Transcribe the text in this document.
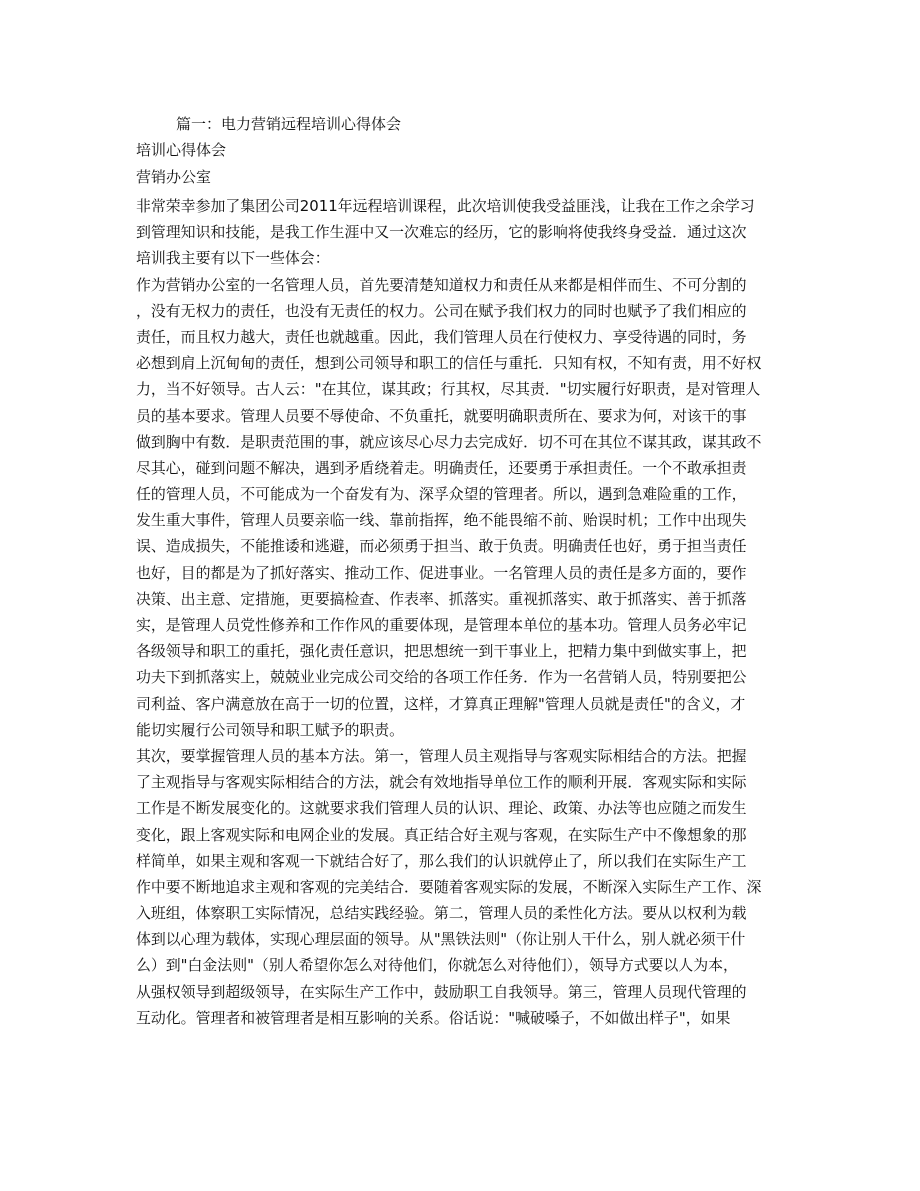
篇一：电力营销远程培训心得体会
培训心得体会
营销办公室
非常荣幸参加了集团公司2011年远程培训课程，此次培训使我受益匪浅，让我在工作之余学习
到管理知识和技能，是我工作生涯中又一次难忘的经历，它的影响将使我终身受益．通过这次
培训我主要有以下一些体会：
作为营销办公室的一名管理人员，首先要清楚知道权力和责任从来都是相伴而生、不可分割的
，没有无权力的责任，也没有无责任的权力。公司在赋予我们权力的同时也赋予了我们相应的
责任，而且权力越大，责任也就越重。因此，我们管理人员在行使权力、享受待遇的同时，务
必想到肩上沉甸甸的责任，想到公司领导和职工的信任与重托．只知有权，不知有责，用不好权
力，当不好领导。古人云："在其位，谋其政；行其权，尽其责．"切实履行好职责，是对管理人
员的基本要求。管理人员要不辱使命、不负重托，就要明确职责所在、要求为何，对该干的事
做到胸中有数．是职责范围的事，就应该尽心尽力去完成好．切不可在其位不谋其政，谋其政不
尽其心，碰到问题不解决，遇到矛盾绕着走。明确责任，还要勇于承担责任。一个不敢承担责
任的管理人员，不可能成为一个奋发有为、深孚众望的管理者。所以，遇到急难险重的工作，
发生重大事件，管理人员要亲临一线、靠前指挥，绝不能畏缩不前、贻误时机；工作中出现失
误、造成损失，不能推诿和逃避，而必须勇于担当、敢于负责。明确责任也好，勇于担当责任
也好，目的都是为了抓好落实、推动工作、促进事业。一名管理人员的责任是多方面的，要作
决策、出主意、定措施，更要搞检查、作表率、抓落实。重视抓落实、敢于抓落实、善于抓落
实，是管理人员党性修养和工作作风的重要体现，是管理本单位的基本功。管理人员务必牢记
各级领导和职工的重托，强化责任意识，把思想统一到干事业上，把精力集中到做实事上，把
功夫下到抓落实上，兢兢业业完成公司交给的各项工作任务．作为一名营销人员，特别要把公
司利益、客户满意放在高于一切的位置，这样，才算真正理解"管理人员就是责任"的含义，才
能切实履行公司领导和职工赋予的职责。
其次，要掌握管理人员的基本方法。第一，管理人员主观指导与客观实际相结合的方法。把握
了主观指导与客观实际相结合的方法，就会有效地指导单位工作的顺利开展．客观实际和实际
工作是不断发展变化的。这就要求我们管理人员的认识、理论、政策、办法等也应随之而发生
变化，跟上客观实际和电网企业的发展。真正结合好主观与客观，在实际生产中不像想象的那
样简单，如果主观和客观一下就结合好了，那么我们的认识就停止了，所以我们在实际生产工
作中要不断地追求主观和客观的完美结合．要随着客观实际的发展，不断深入实际生产工作、深
入班组，体察职工实际情况，总结实践经验。第二，管理人员的柔性化方法。要从以权利为载
体到以心理为载体，实现心理层面的领导。从"黑铁法则"（你让别人干什么，别人就必须干什
么）到"白金法则"（别人希望你怎么对待他们，你就怎么对待他们），领导方式要以人为本，
从强权领导到超级领导，在实际生产工作中，鼓励职工自我领导。第三，管理人员现代管理的
互动化。管理者和被管理者是相互影响的关系。俗话说："喊破嗓子，不如做出样子"，如果
